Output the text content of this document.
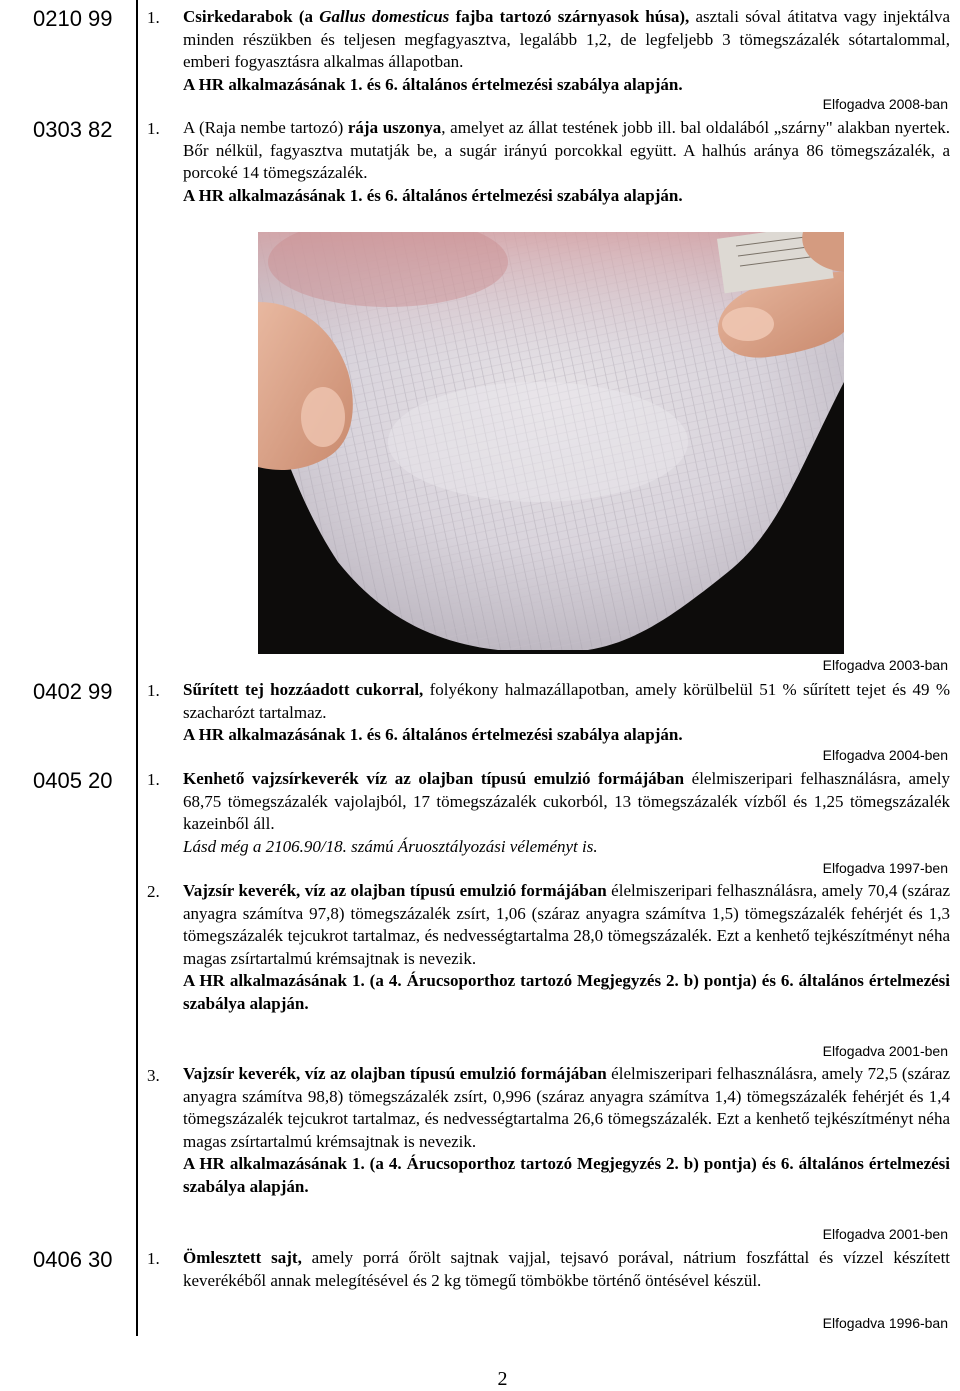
0210 99 1. Csirkedarabok (a Gallus domesticus fajba tartozó szárnyasok húsa), asztali sóval átitatva vagy injektálva minden részükben és teljesen megfagyasztva, legalább 1,2, de legfeljebb 3 tömegszázalék sótartalommal, emberi fogyasztásra alkalmas állapotban.

A HR alkalmazásának 1. és 6. általános értelmezési szabálya alapján.

Elfogadva 2008-ban
0303 82 1. A (Raja nembe tartozó) rája uszonya, amelyet az állat testének jobb ill. bal oldalából „szárny" alakban nyertek. Bőr nélkül, fagyasztva mutatják be, a sugár irányú porcokkal együtt. A halhús aránya 86 tömegszázalék, a porcoké 14 tömegszázalék.

A HR alkalmazásának 1. és 6. általános értelmezési szabálya alapján.

Elfogadva 2003-ban
0402 99 1. Sűrített tej hozzáadott cukorral, folyékony halmazállapotban, amely körülbelül 51 % sűrített tejet és 49 % szacharózt tartalmaz.

A HR alkalmazásának 1. és 6. általános értelmezési szabálya alapján.

Elfogadva 2004-ben
0405 20 1. Kenhető vajzsírkeverék víz az olajban típusú emulzió formájában élelmiszeripari felhasználásra, amely 68,75 tömegszázalék vajolajból, 17 tömegszázalék cukorból, 13 tömegszázalék vízből és 1,25 tömegszázalék kazeinből áll.

Lásd még a 2106.90/18. számú Áruosztályozási véleményt is.

Elfogadva 1997-ben
2. Vajzsír keverék, víz az olajban típusú emulzió formájában élelmiszeripari felhasználásra, amely 70,4 (száraz anyagra számítva 97,8) tömegszázalék zsírt, 1,06 (száraz anyagra számítva 1,5) tömegszázalék fehérjét és 1,3 tömegszázalék tejcukrot tartalmaz, és nedvességtartalma 28,0 tömegszázalék. Ezt a kenhető tejkészítményt néha magas zsírtartalmú krémsajtnak is nevezik.

A HR alkalmazásának 1. (a 4. Árucsoporthoz tartozó Megjegyzés 2. b) pontja) és 6. általános értelmezési szabálya alapján.

Elfogadva 2001-ben
3. Vajzsír keverék, víz az olajban típusú emulzió formájában élelmiszeripari felhasználásra, amely 72,5 (száraz anyagra számítva 98,8) tömegszázalék zsírt, 0,996 (száraz anyagra számítva 1,4) tömegszázalék fehérjét és 1,4 tömegszázalék tejcukrot tartalmaz, és nedvességtartalma 26,6 tömegszázalék. Ezt a kenhető tejkészítményt néha magas zsírtartalmú krémsajtnak is nevezik.

A HR alkalmazásának 1. (a 4. Árucsoporthoz tartozó Megjegyzés 2. b) pontja) és 6. általános értelmezési szabálya alapján.

Elfogadva 2001-ben
0406 30 1. Ömlesztett sajt, amely porrá őrölt sajtnak vajjal, tejsavó porával, nátrium foszfáttal és vízzel készített keverékéből annak melegítésével és 2 kg tömegű tömbökbe történő öntésével készül.

Elfogadva 1996-ban
2
